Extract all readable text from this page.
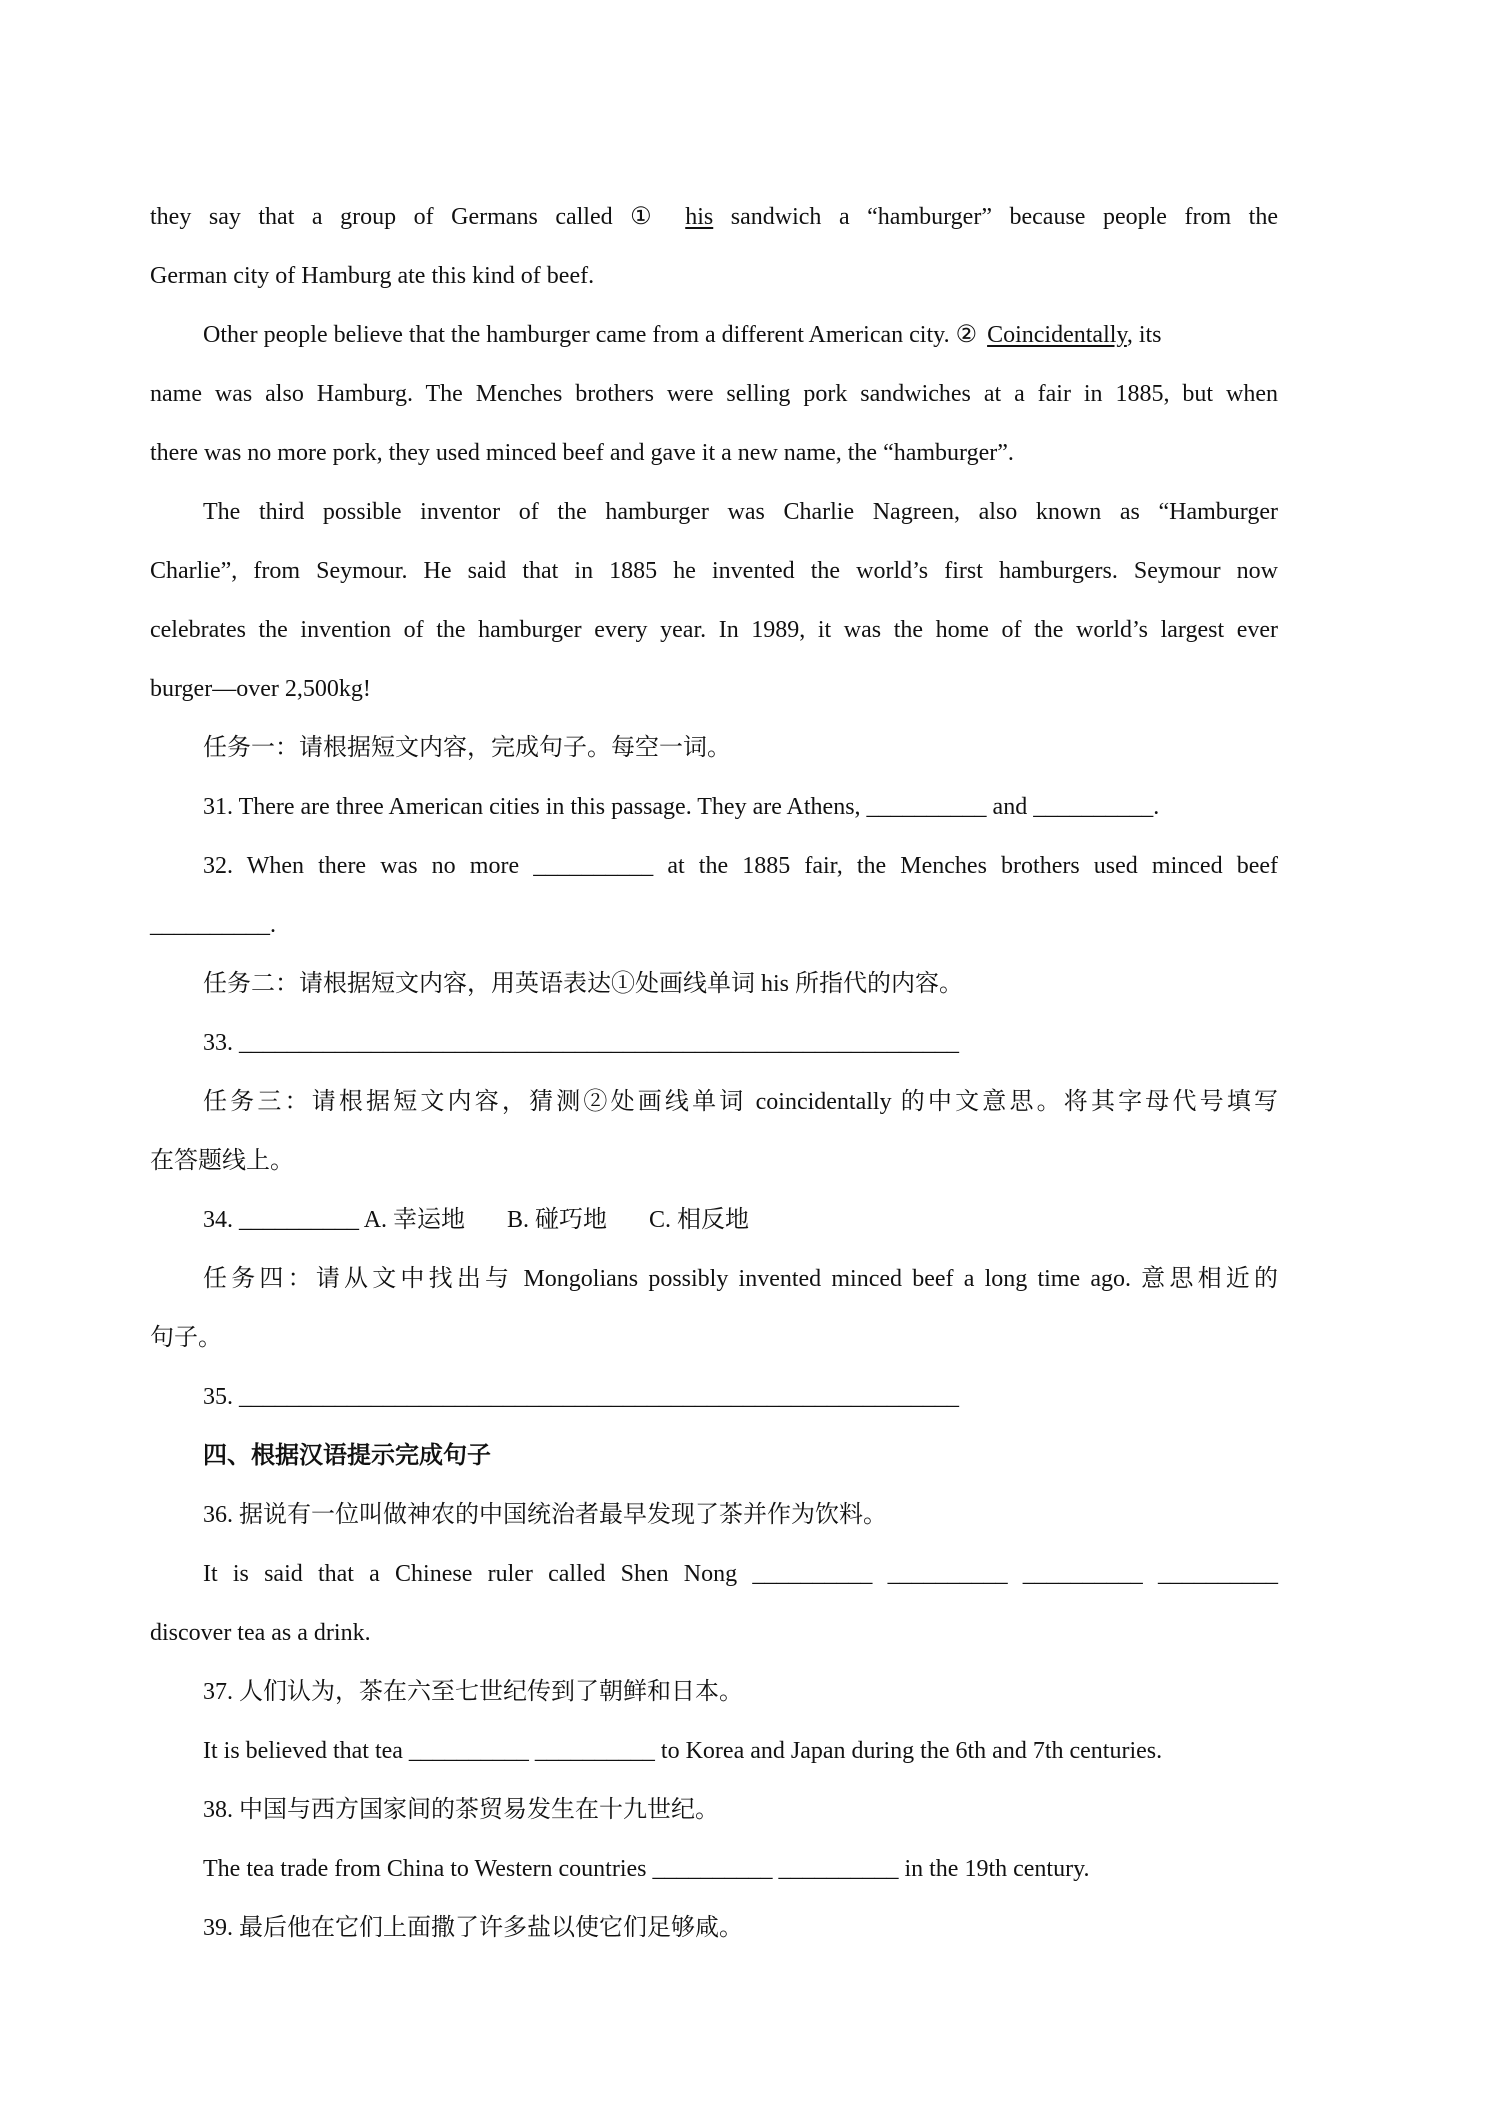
they say that a group of Germans called ① his sandwich a “hamburger” because people from the
German city of Hamburg ate this kind of beef.
Other people believe that the hamburger came from a different American city. ② Coincidentally, its
name was also Hamburg. The Menches brothers were selling pork sandwiches at a fair in 1885, but when
there was no more pork, they used minced beef and gave it a new name, the “hamburger”.
The third possible inventor of the hamburger was Charlie Nagreen, also known as “Hamburger
Charlie”, from Seymour. He said that in 1885 he invented the world’s first hamburgers. Seymour now
celebrates the invention of the hamburger every year. In 1989, it was the home of the world’s largest ever
burger—over 2,500kg!
任务一：请根据短文内容，完成句子。每空一词。
31. There are three American cities in this passage. They are Athens, __________ and __________.
32. When there was no more __________ at the 1885 fair, the Menches brothers used minced beef
__________.
任务二：请根据短文内容，用英语表达①处画线单词 his 所指代的内容。
33. ____________________________________________________________
任务三：请根据短文内容，猜测②处画线单词 coincidentally 的中文意思。将其字母代号填写
在答题线上。
34. __________ A. 幸运地 B. 碰巧地 C. 相反地
任务四：请从文中找出与 Mongolians possibly invented minced beef a long time ago. 意思相近的
句子。
35. ____________________________________________________________
四、根据汉语提示完成句子
36. 据说有一位叫做神农的中国统治者最早发现了茶并作为饮料。
It is said that a Chinese ruler called Shen Nong __________ __________ __________ __________
discover tea as a drink.
37. 人们认为，茶在六至七世纪传到了朝鲜和日本。
It is believed that tea __________ __________ to Korea and Japan during the 6th and 7th centuries.
38. 中国与西方国家间的茶贸易发生在十九世纪。
The tea trade from China to Western countries __________ __________ in the 19th century.
39. 最后他在它们上面撒了许多盐以使它们足够咸。
